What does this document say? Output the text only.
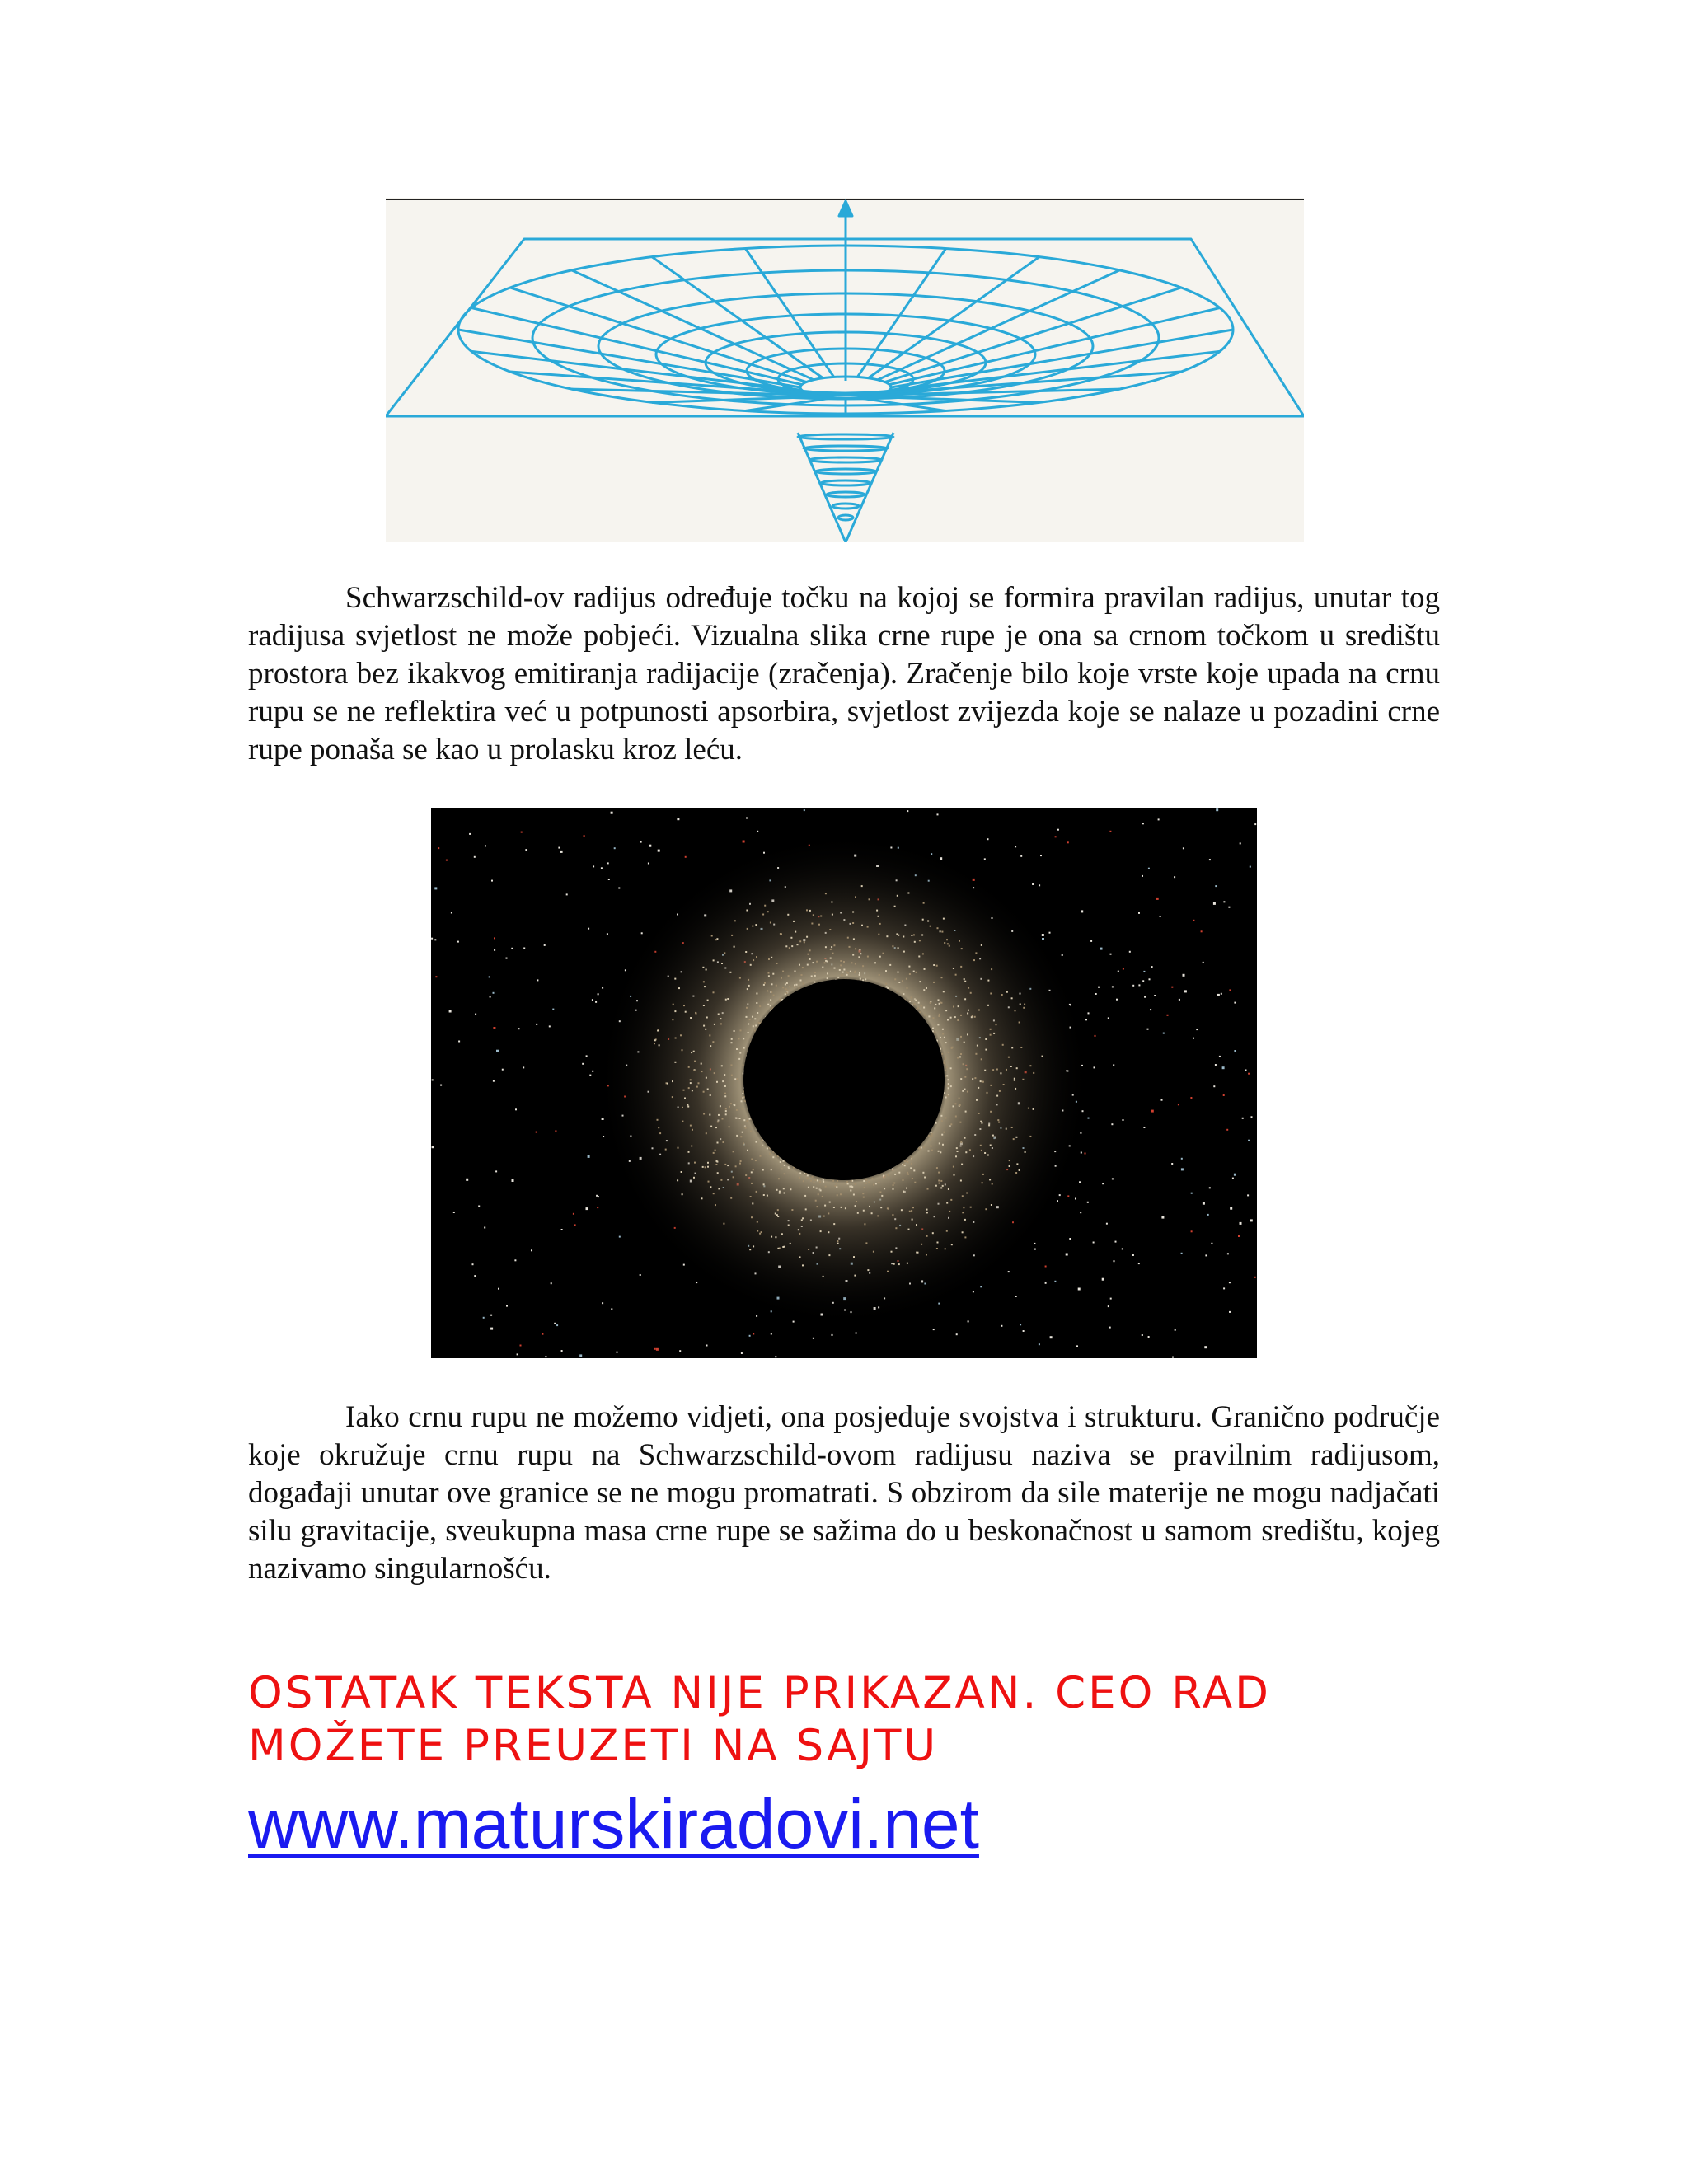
Schwarzschild-ov radijus određuje točku na kojoj se formira pravilan radijus, unutar tog radijusa svjetlost ne može pobjeći. Vizualna slika crne rupe je ona sa crnom točkom u središtu prostora bez ikakvog emitiranja radijacije (zračenja). Zračenje bilo koje vrste koje upada na crnu rupu se ne reflektira već u potpunosti apsorbira, svjetlost zvijezda koje se nalaze u pozadini crne rupe ponaša se kao u prolasku kroz leću.

Iako crnu rupu ne možemo vidjeti, ona posjeduje svojstva i strukturu. Granično područje koje okružuje crnu rupu na Schwarzschild-ovom radijusu naziva se pravilnim radijusom, događaji unutar ove granice se ne mogu promatrati. S obzirom da sile materije ne mogu nadjačati silu gravitacije, sveukupna masa crne rupe se sažima do u beskonačnost u samom središtu, kojeg nazivamo singularnošću.

OSTATAK TEKSTA NIJE PRIKAZAN. CEO RAD
MOŽETE PREUZETI NA SAJTU
www.maturskiradovi.net
